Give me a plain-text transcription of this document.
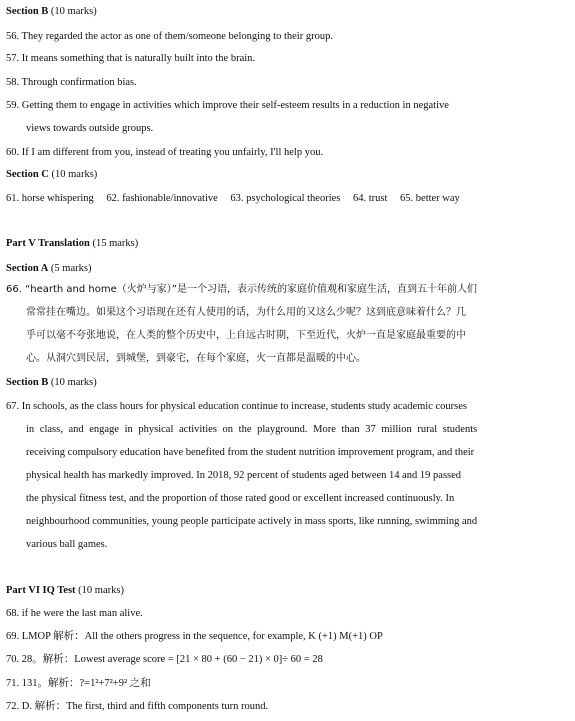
Section B (10 marks)
56. They regarded the actor as one of them/someone belonging to their group.
57. It means something that is naturally built into the brain.
58. Through confirmation bias.
59. Getting them to engage in activities which improve their self-esteem results in a reduction in negative
views towards outside groups.
60. If I am different from you, instead of treating you unfairly, I'll help you.
Section C (10 marks)
61. horse whispering 62. fashionable/innovative 63. psychological theories 64. trust 65. better way
Part V Translation (15 marks)
Section A (5 marks)
66. “hearth and home（火炉与家）”是一个习语，表示传统的家庭价值观和家庭生活，直到五十年前人们
常常挂在嘴边。如果这个习语现在还有人使用的话，为什么用的又这么少呢？这到底意味着什么？几
乎可以毫不夸张地说，在人类的整个历史中，上自远古时期，下至近代，火炉一直是家庭最重要的中
心。从洞穴到民居，到城堡，到豪宅，在每个家庭，火一直都是温暖的中心。
Section B (10 marks)
67. In schools, as the class hours for physical education continue to increase, students study academic courses
in class, and engage in physical activities on the playground. More than 37 million rural students
receiving compulsory education have benefited from the student nutrition improvement program, and their
physical health has markedly improved. In 2018, 92 percent of students aged between 14 and 19 passed
the physical fitness test, and the proportion of those rated good or excellent increased continuously. In
neighbourhood communities, young people participate actively in mass sports, like running, swimming and
various ball games.
Part VI IQ Test (10 marks)
68. if he were the last man alive.
69. LMOP 解析：All the others progress in the sequence, for example, K (+1) M(+1) OP
70. 28。解析：Lowest average score = [21 × 80 + (60 − 21) × 0]÷ 60 = 28
71. 131。解析：?=1²+7²+9² 之和
72. D. 解析：The first, third and fifth components turn round.
